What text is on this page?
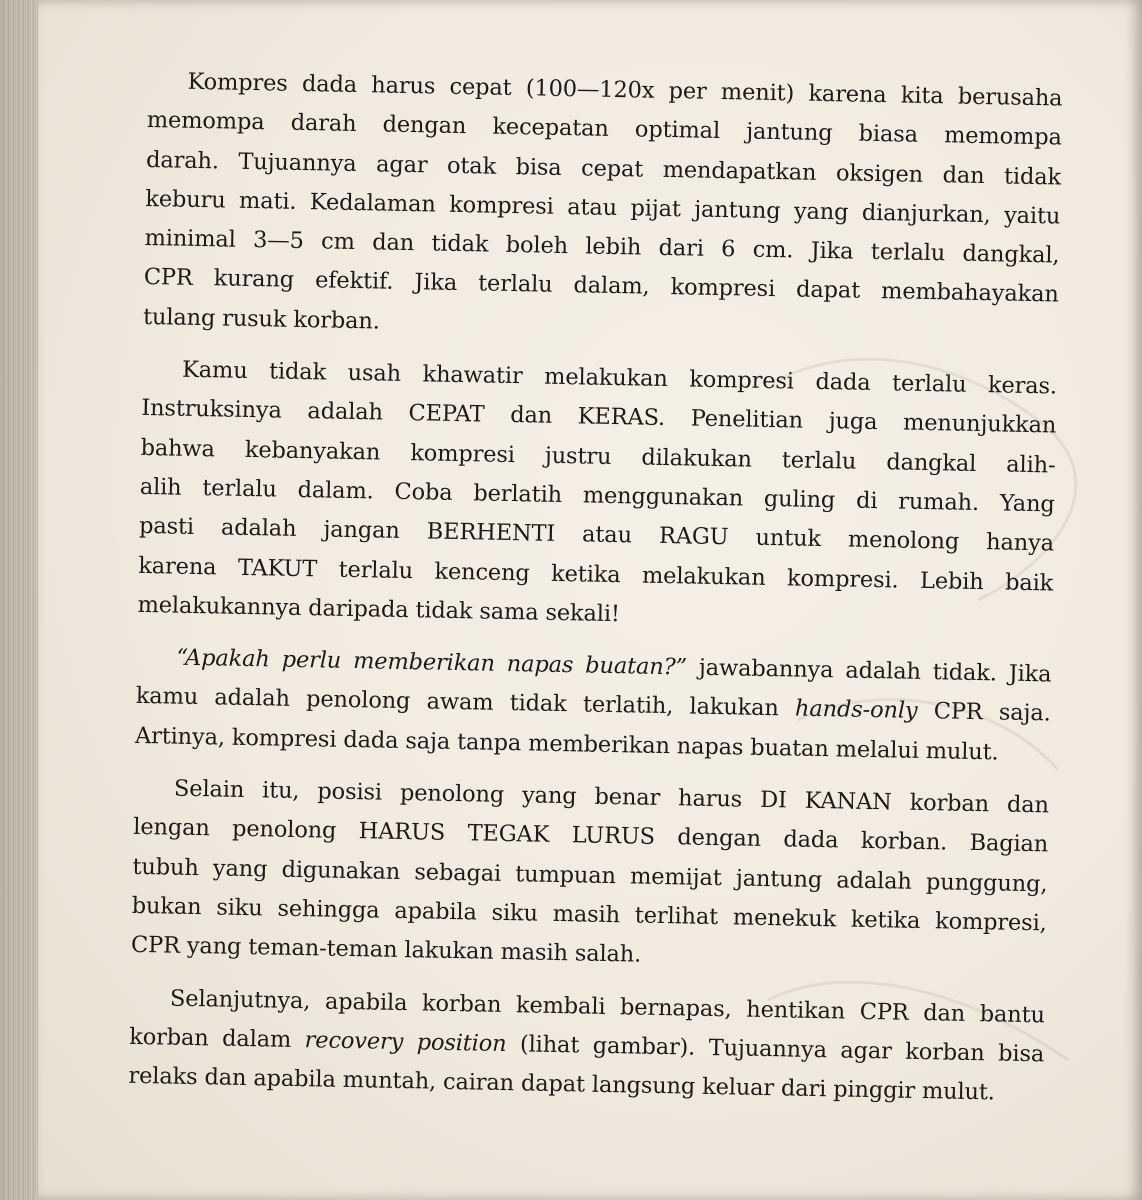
Kompres dada harus cepat (100—120x per menit) karena kita berusaha
memompa darah dengan kecepatan optimal jantung biasa memompa
darah. Tujuannya agar otak bisa cepat mendapatkan oksigen dan tidak
keburu mati. Kedalaman kompresi atau pijat jantung yang dianjurkan, yaitu
minimal 3—5 cm dan tidak boleh lebih dari 6 cm. Jika terlalu dangkal,
CPR kurang efektif. Jika terlalu dalam, kompresi dapat membahayakan
tulang rusuk korban.
Kamu tidak usah khawatir melakukan kompresi dada terlalu keras.
Instruksinya adalah CEPAT dan KERAS. Penelitian juga menunjukkan
bahwa kebanyakan kompresi justru dilakukan terlalu dangkal alih-
alih terlalu dalam. Coba berlatih menggunakan guling di rumah. Yang
pasti adalah jangan BERHENTI atau RAGU untuk menolong hanya
karena TAKUT terlalu kenceng ketika melakukan kompresi. Lebih baik
melakukannya daripada tidak sama sekali!
“Apakah perlu memberikan napas buatan?” jawabannya adalah tidak. Jika
kamu adalah penolong awam tidak terlatih, lakukan hands-only CPR saja.
Artinya, kompresi dada saja tanpa memberikan napas buatan melalui mulut.
Selain itu, posisi penolong yang benar harus DI KANAN korban dan
lengan penolong HARUS TEGAK LURUS dengan dada korban. Bagian
tubuh yang digunakan sebagai tumpuan memijat jantung adalah punggung,
bukan siku sehingga apabila siku masih terlihat menekuk ketika kompresi,
CPR yang teman-teman lakukan masih salah.
Selanjutnya, apabila korban kembali bernapas, hentikan CPR dan bantu
korban dalam recovery position (lihat gambar). Tujuannya agar korban bisa
relaks dan apabila muntah, cairan dapat langsung keluar dari pinggir mulut.
